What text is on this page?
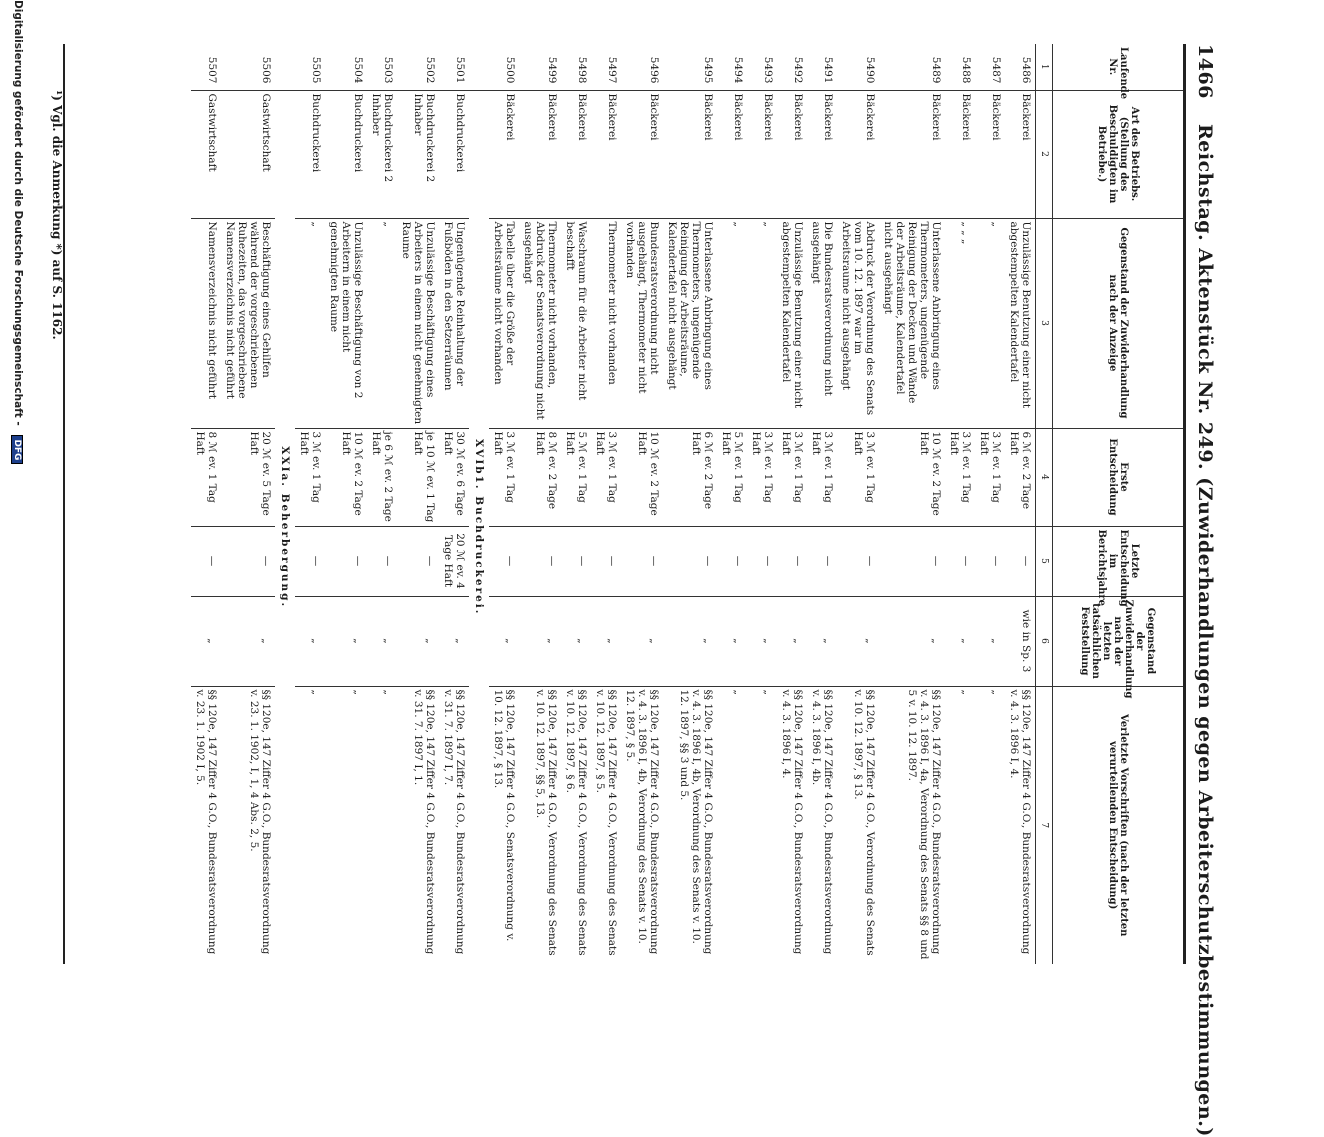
1466 Reichstag. Aktenstück Nr. 249. (Zuwiderhandlungen gegen Arbeiterschutzbestimmungen.)
Laufende Nr.	Art des Betriebs. (Stellung des Beschuldigten im Betriebe.)	Gegenstand der Zuwiderhandlung nach der Anzeige	Erste Entscheidung	Letzte Entscheidung im Berichtsjahre	Gegenstand der Zuwiderhandlung nach der letzten tatsächlichen Feststellung	Verletzte Vorschriften (nach der letzten verurteilenden Entscheidung)
1	2	3	4	5	6	7
5486	Bäckerei	Unzulässige Benutzung einer nicht abgestempelten Kalendertafel	6 ℳ ev. 2 Tage Haft	—	wie in Sp. 3	§§ 120e, 147 Ziffer 4 G.O., Bundesratsverordnung v. 4. 3. 1896 I, 4.
5487	Bäckerei	„	3 ℳ ev. 1 Tag Haft	—	„	„
5488	Bäckerei	„ „ „	3 ℳ ev. 1 Tag Haft	—	„	„
5489	Bäckerei	Unterlassene Anbringung eines Thermometers, ungenügende Reinigung der Decken und Wände der Arbeitsräume, Kalendertafel nicht ausgehängt	10 ℳ ev. 2 Tage Haft	—	„	§§ 120e, 147 Ziffer 4 G.O., Bundesratsverordnung v. 4. 3. 1896 I, 4a, Verordnung des Senats §§ 8 und 5 v. 10. 12. 1897.
5490	Bäckerei	Abdruck der Verordnung des Senats vom 10. 12. 1897 war im Arbeitsraume nicht ausgehängt	3 ℳ ev. 1 Tag Haft	—	„	§§ 120e, 147 Ziffer 4 G.O., Verordnung des Senats v. 10. 12. 1897, § 13.
5491	Bäckerei	Die Bundesratsverordnung nicht ausgehängt	3 ℳ ev. 1 Tag Haft	—	„	§§ 120e, 147 Ziffer 4 G.O., Bundesratsverordnung v. 4. 3. 1896 I, 4b.
5492	Bäckerei	Unzulässige Benutzung einer nicht abgestempelten Kalendertafel	3 ℳ ev. 1 Tag Haft	—	„	§§ 120e, 147 Ziffer 4 G.O., Bundesratsverordnung v. 4. 3. 1896 I, 4.
5493	Bäckerei	„	3 ℳ ev. 1 Tag Haft	—	„	„
5494	Bäckerei	„	5 ℳ ev. 1 Tag Haft	—	„	„
5495	Bäckerei	Unterlassene Anbringung eines Thermometers, ungenügende Reinigung der Arbeitsräume, Kalendertafel nicht ausgehängt	6 ℳ ev. 2 Tage Haft	—	„	§§ 120e, 147 Ziffer 4 G.O., Bundesratsverordnung v. 4. 3. 1896 I, 4b, Verordnung des Senats v. 10. 12. 1897, §§ 3 und 5.
5496	Bäckerei	Bundesratsverordnung nicht ausgehängt, Thermometer nicht vorhanden	10 ℳ ev. 2 Tage Haft	—	„	§§ 120e, 147 Ziffer 4 G.O., Bundesratsverordnung v. 4. 3. 1896 I, 4b, Verordnung des Senats v. 10. 12. 1897, § 5.
5497	Bäckerei	Thermometer nicht vorhanden	3 ℳ ev. 1 Tag Haft	—	„	§§ 120e, 147 Ziffer 4 G.O., Verordnung des Senats v. 10. 12. 1897, § 5.
5498	Bäckerei	Waschraum für die Arbeiter nicht beschafft	5 ℳ ev. 1 Tag Haft	—	„	§§ 120e, 147 Ziffer 4 G.O., Verordnung des Senats v. 10. 12. 1897, § 6.
5499	Bäckerei	Thermometer nicht vorhanden, Abdruck der Senatsverordnung nicht ausgehängt	8 ℳ ev. 2 Tage Haft	—	„	§§ 120e, 147 Ziffer 4 G.O., Verordnung des Senats v. 10. 12. 1897, §§ 5, 13.
5500	Bäckerei	Tabelle über die Größe der Arbeitsräume nicht vorhanden	3 ℳ ev. 1 Tag Haft	—	„	§§ 120e, 147 Ziffer 4 G.O., Senatsverordnung v. 10. 12. 1897, § 13.
	XVIb1. Buchdruckerei.					
5501	Buchdruckerei	Ungenügende Reinhaltung der Fußböden in den Setzerräumen	30 ℳ ev. 6 Tage Haft	20 ℳ ev. 4 Tage Haft	„	§§ 120e, 147 Ziffer 4 G.O., Bundesratsverordnung v. 31. 7. 1897 I, 7.
5502	Buchdruckerei 2 Inhaber	Unzulässige Beschäftigung eines Arbeiters in einem nicht genehmigten Raume	je 10 ℳ ev. 1 Tag Haft	—	„	§§ 120e, 147 Ziffer 4 G.O., Bundesratsverordnung v. 31. 7. 1897 I, 1.
5503	Buchdruckerei 2 Inhaber	„	je 6 ℳ ev. 2 Tage Haft	—	„	„
5504	Buchdruckerei	Unzulässige Beschäftigung von 2 Arbeitern in einem nicht genehmigten Raume	10 ℳ ev. 2 Tage Haft	—	„	„
5505	Buchdruckerei	„	3 ℳ ev. 1 Tag Haft	—	„	„
	XXIa. Beherbergung.					
5506	Gastwirtschaft	Beschäftigung eines Gehilfen während der vorgeschriebenen Ruhezeiten, das vorgeschriebene Namensverzeichnis nicht geführt	20 ℳ ev. 5 Tage Haft	—	„	§§ 120e, 147 Ziffer 4 G.O., Bundesratsverordnung v. 23. 1. 1902, I, 1, 4 Abs. 2, 5.
5507	Gastwirtschaft	Namensverzeichnis nicht geführt	8 ℳ ev. 1 Tag Haft	—	„	§§ 120e, 147 Ziffer 4 G.O., Bundesratsverordnung v. 23. 1. 1902 I, 5.
¹) Vgl. die Anmerkung *) auf S. 1162.
Digitalisierung gefördert durch die Deutsche Forschungsgemeinschaft - DFG
